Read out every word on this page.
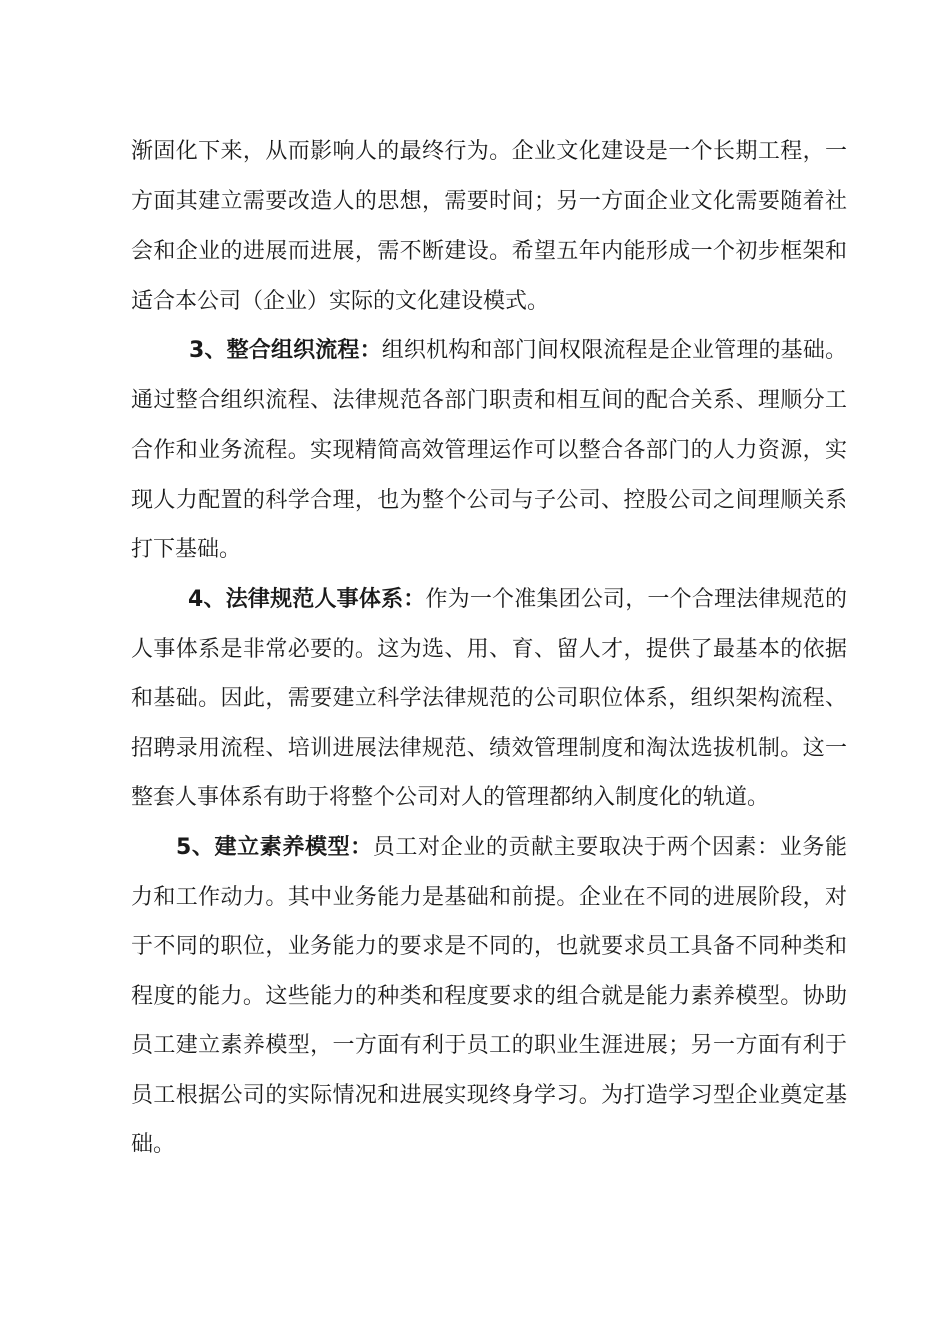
渐固化下来，从而影响人的最终行为。企业文化建设是一个长期工程，一
方面其建立需要改造人的思想，需要时间；另一方面企业文化需要随着社
会和企业的进展而进展，需不断建设。希望五年内能形成一个初步框架和
适合本公司（企业）实际的文化建设模式。
3、整合组织流程：组织机构和部门间权限流程是企业管理的基础。
通过整合组织流程、法律规范各部门职责和相互间的配合关系、理顺分工
合作和业务流程。实现精简高效管理运作可以整合各部门的人力资源，实
现人力配置的科学合理，也为整个公司与子公司、控股公司之间理顺关系
打下基础。
4、法律规范人事体系：作为一个准集团公司，一个合理法律规范的
人事体系是非常必要的。这为选、用、育、留人才，提供了最基本的依据
和基础。因此，需要建立科学法律规范的公司职位体系，组织架构流程、
招聘录用流程、培训进展法律规范、绩效管理制度和淘汰选拔机制。这一
整套人事体系有助于将整个公司对人的管理都纳入制度化的轨道。
5、建立素养模型：员工对企业的贡献主要取决于两个因素：业务能
力和工作动力。其中业务能力是基础和前提。企业在不同的进展阶段，对
于不同的职位，业务能力的要求是不同的，也就要求员工具备不同种类和
程度的能力。这些能力的种类和程度要求的组合就是能力素养模型。协助
员工建立素养模型，一方面有利于员工的职业生涯进展；另一方面有利于
员工根据公司的实际情况和进展实现终身学习。为打造学习型企业奠定基
础。
